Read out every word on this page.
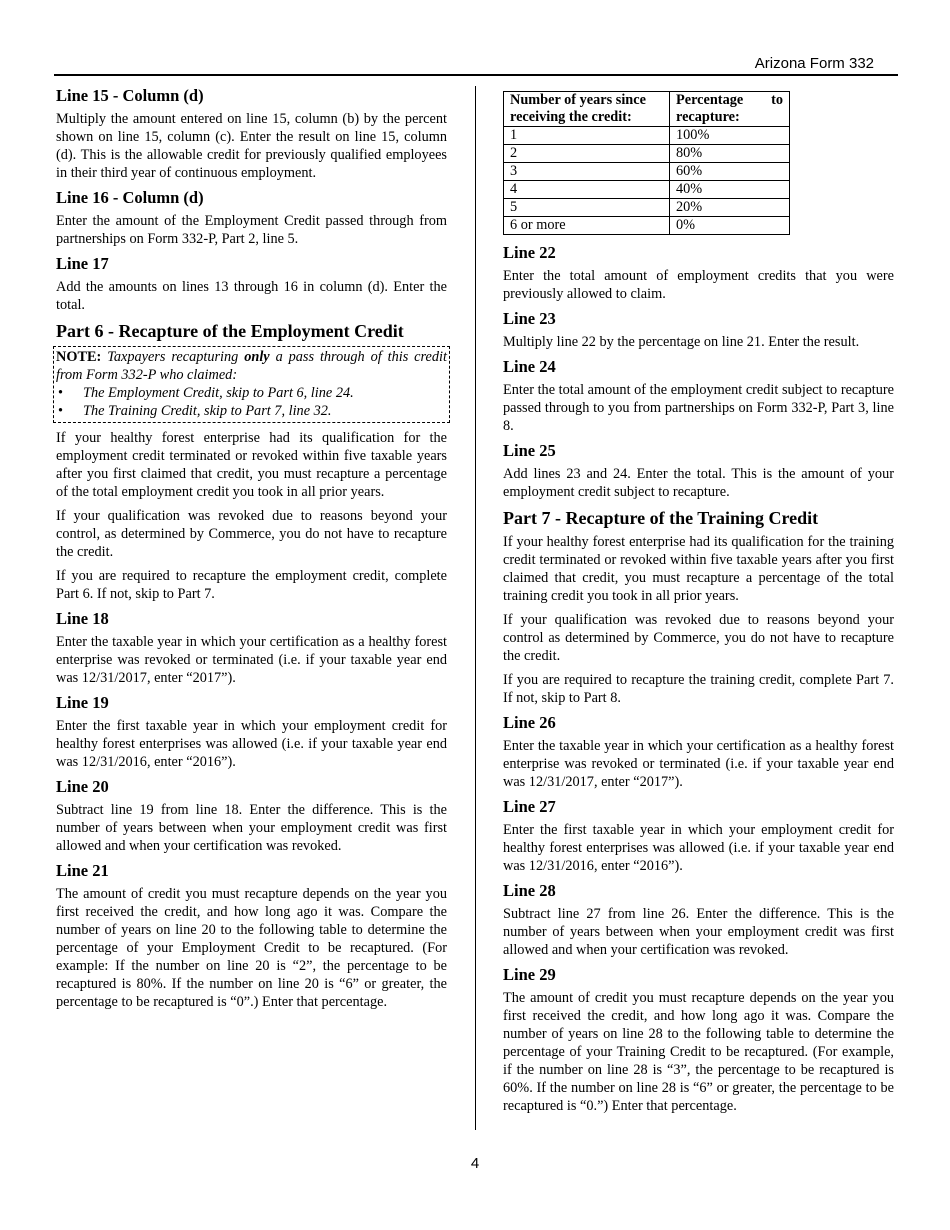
Arizona Form 332
Line 15 - Column (d)

Multiply the amount entered on line 15, column (b) by the percent shown on line 15, column (c). Enter the result on line 15, column (d). This is the allowable credit for previously qualified employees in their third year of continuous employment.

Line 16 - Column (d)

Enter the amount of the Employment Credit passed through from partnerships on Form 332-P, Part 2, line 5.

Line 17

Add the amounts on lines 13 through 16 in column (d). Enter the total.

Part 6 - Recapture of the Employment Credit
NOTE: Taxpayers recapturing only a pass through of this credit from Form 332-P who claimed:
• The Employment Credit, skip to Part 6, line 24.
• The Training Credit, skip to Part 7, line 32.

If your healthy forest enterprise had its qualification for the employment credit terminated or revoked within five taxable years after you first claimed that credit, you must recapture a percentage of the total employment credit you took in all prior years.

If your qualification was revoked due to reasons beyond your control, as determined by Commerce, you do not have to recapture the credit.

If you are required to recapture the employment credit, complete Part 6. If not, skip to Part 7.

Line 18

Enter the taxable year in which your certification as a healthy forest enterprise was revoked or terminated (i.e. if your taxable year end was 12/31/2017, enter “2017”).

Line 19

Enter the first taxable year in which your employment credit for healthy forest enterprises was allowed (i.e. if your taxable year end was 12/31/2016, enter “2016”).

Line 20

Subtract line 19 from line 18. Enter the difference. This is the number of years between when your employment credit was first allowed and when your certification was revoked.

Line 21

The amount of credit you must recapture depends on the year you first received the credit, and how long ago it was. Compare the number of years on line 20 to the following table to determine the percentage of your Employment Credit to be recaptured. (For example: If the number on line 20 is “2”, the percentage to be recaptured is 80%. If the number on line 20 is “6” or greater, the percentage to be recaptured is “0”.) Enter that percentage.

Number of years since receiving the credit:	Percentage to
recapture:

1	100%
2	80%
3	60%
4	40%
5	20%
6 or more	0%
Line 22

Enter the total amount of employment credits that you were previously allowed to claim.

Line 23

Multiply line 22 by the percentage on line 21. Enter the result.

Line 24

Enter the total amount of the employment credit subject to recapture passed through to you from partnerships on Form 332-P, Part 3, line 8.

Line 25

Add lines 23 and 24. Enter the total. This is the amount of your employment credit subject to recapture.

Part 7 - Recapture of the Training Credit

If your healthy forest enterprise had its qualification for the training credit terminated or revoked within five taxable years after you first claimed that credit, you must recapture a percentage of the total training credit you took in all prior years.

If your qualification was revoked due to reasons beyond your control as determined by Commerce, you do not have to recapture the credit.

If you are required to recapture the training credit, complete Part 7. If not, skip to Part 8.

Line 26

Enter the taxable year in which your certification as a healthy forest enterprise was revoked or terminated (i.e. if your taxable year end was 12/31/2017, enter “2017”).

Line 27

Enter the first taxable year in which your employment credit for healthy forest enterprises was allowed (i.e. if your taxable year end was 12/31/2016, enter “2016”).

Line 28

Subtract line 27 from line 26. Enter the difference. This is the number of years between when your employment credit was first allowed and when your certification was revoked.

Line 29

The amount of credit you must recapture depends on the year you first received the credit, and how long ago it was. Compare the number of years on line 28 to the following table to determine the percentage of your Training Credit to be recaptured. (For example, if the number on line 28 is “3”, the percentage to be recaptured is 60%. If the number on line 28 is “6” or greater, the percentage to be recaptured is “0.”) Enter that percentage.

4
